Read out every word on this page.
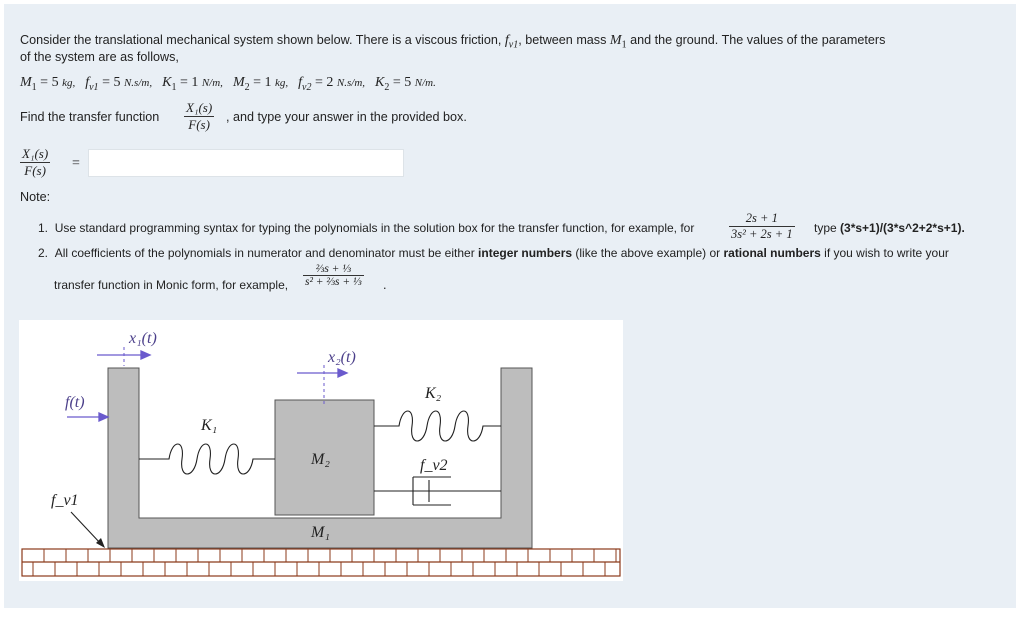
Consider the translational mechanical system shown below. There is a viscous friction, $f_{v1}$, between mass $M_1$ and the ground. The values of the parameters
of the system are as follows,
$M_1 = 5$ kg, $f_{v1} = 5$ N.s/m, $K_1 = 1$ N/m, $M_2 = 1$ kg, $f_{v2} = 2$ N.s/m, $K_2 = 5$ N/m.
Find the transfer function $\frac{\text{X₁(s)}}{F(s)}$ , and type your answer in the provided box.
$\frac{\text{X₁(s)}}{F(s)}$ =
Note:
1.  Use standard programming syntax for typing the polynomials in the solution box for the transfer function, for example, for	$\frac{2s + 1}{\text{3s² + 2s + 1}}$ type (3*s+1)/(3*s^2+2*s+1).
2.  All coefficients of the polynomials in numerator and denominator must be either integer numbers (like the above example) or rational numbers if you wish to write your
transfer function in Monic form, for example, $\frac{\text{⅔s + ⅓}}{\text{s² + ⅔s + ⅓}}$ .
x₁(t)
x₂(t)
f(t)
f_v1
K₁
K₂
f_v2
M₂
M₁
